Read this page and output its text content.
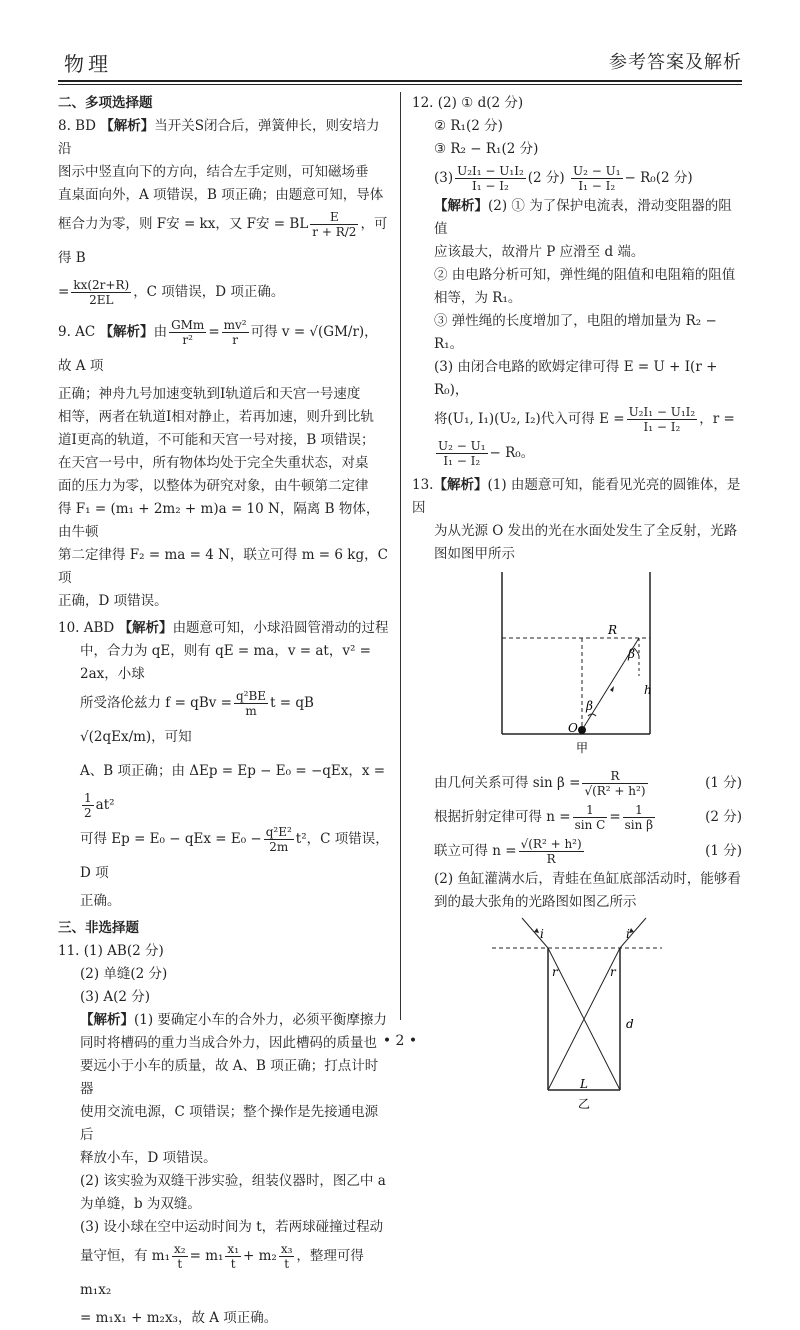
物理	参考答案及解析

二、多项选择题

8. BD 【解析】当开关S闭合后，弹簧伸长，则安培力沿

图示中竖直向下的方向，结合左手定则，可知磁场垂

直桌面向外，A 项错误，B 项正确；由题意可知，导体

框合力为零，则 F安 = kx，又 F安 = BL $\frac{E}{r + R/2}$ ，可得 B

= $\frac{kx(2r+R)}{2EL}$ ，C 项错误，D 项正确。

9. AC 【解析】由 $\frac{\text{GMm}}{\text{r²}} = \frac{\text{mv²}}{r}$ 可得 v = √(GM/r)，故 A 项

正确；神舟九号加速变轨到Ⅰ轨道后和天宫一号速度

相等，两者在轨道Ⅰ相对静止，若再加速，则升到比轨

道Ⅰ更高的轨道，不可能和天宫一号对接，B 项错误；

在天宫一号中，所有物体均处于完全失重状态，对桌

面的压力为零，以整体为研究对象，由牛顿第二定律

得 F₁ = (m₁ + 2m₂ + m)a = 10 N，隔离 B 物体，由牛顿

第二定律得 F₂ = ma = 4 N，联立可得 m = 6 kg，C 项

正确，D 项错误。

10. ABD 【解析】由题意可知，小球沿圆管滑动的过程

中，合力为 qE，则有 qE = ma，v = at，v² = 2ax，小球

所受洛伦兹力 f = qBv = $\frac{\text{q²BE}}{m}$ t = qB √(2qEx/m)，可知

A、B 项正确；由 ΔEp = Ep − E₀ = −qEx，x =
$\frac{1}{2} at^2$

可得 Ep = E₀ − qEx = $E_0 - \frac{\text{q²E²}}{2m} t^2$，C 项错误，D 项

正确。

三、非选择题

11. (1) AB(2 分)

(2) 单缝(2 分)

(3) A(2 分)

【解析】(1) 要确定小车的合外力，必须平衡摩擦力

同时将槽码的重力当成合外力，因此槽码的质量也

要远小于小车的质量，故 A、B 项正确；打点计时器

使用交流电源，C 项错误；整个操作是先接通电源后

释放小车，D 项错误。

(2) 该实验为双缝干涉实验，组装仪器时，图乙中 a

为单缝，b 为双缝。

(3) 设小球在空中运动时间为 t，若两球碰撞过程动

量守恒，有 $m_1 \frac{\text{x₂}}{t} = m_1 \frac{\text{x₁}}{t} + m_2 \frac{\text{x₃}}{t}$ ，整理可得 m₁x₂

= m₁x₁ + m₂x₃，故 A 项正确。

12. (2) ① d(2 分)

② R₁(2 分)

③ R₂ − R₁(2 分)

$(3) \frac{\text{U₂I₁ − U₁I₂}}{\text{I₁ − I₂}} (2$ 分) $\frac{\text{U₂ − U₁}}{\text{I₁ − I₂}} - R_0(2$ 分)

【解析】(2) ① 为了保护电流表，滑动变阻器的阻值

应该最大，故滑片 P 应滑至 d 端。

② 由电路分析可知，弹性绳的阻值和电阻箱的阻值

相等，为 R₁。

③ 弹性绳的长度增加了，电阻的增加量为 R₂ − R₁。

(3) 由闭合电路的欧姆定律可得 E = U + I(r + R₀)，

将(U₁, I₁)(U₂, I₂)代入可得 $E = \frac{\text{U₂I₁ − U₁I₂}}{\text{I₁ − I₂}}$ ，r =

$\frac{\text{U₂ − U₁}}{\text{I₁ − I₂}} - R_0$。

13.【解析】(1) 由题意可知，能看见光亮的圆锥体，是因

为从光源 O 发出的光在水面处发生了全反射，光路

图如图甲所示

R
β
β
h
O
甲

由几何关系可得 $\sin \beta = \frac{R}{\text{√(R² + h²)}}$	(1 分)

根据折射定律可得 $n = \frac{1}{\text{sin C}} = \frac{1}{\text{sin β}}$	(2 分)

联立可得 $n = \frac{\text{√(R² + h²)}}{R}$	(1 分)

(2) 鱼缸灌满水后，青蛙在鱼缸底部活动时，能够看

到的最大张角的光路图如图乙所示

i	i
r	r
d
L
乙
• 2 •
